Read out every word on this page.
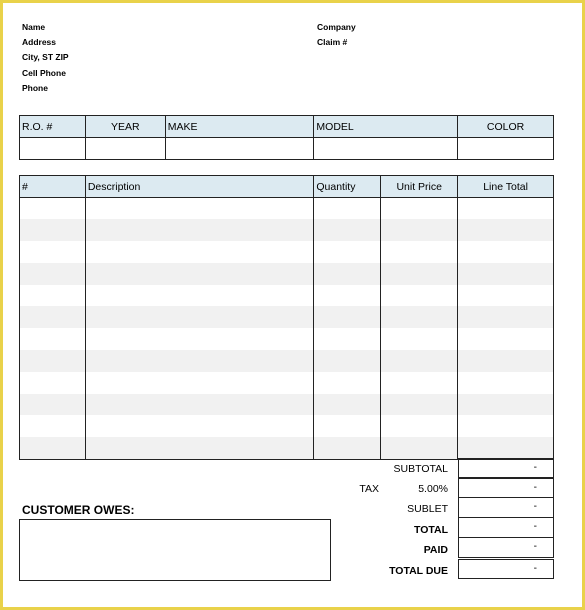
Name
Address
City, ST ZIP
Cell Phone
Phone
Company
Claim #
R.O. #	YEAR	MAKE	MODEL	COLOR

#	Description	Quantity	Unit Price	Line Total

SUBTOTAL	-
TAX	5.00%	-
SUBLET	-
TOTAL	-
PAID	-
TOTAL DUE	-
CUSTOMER OWES:
